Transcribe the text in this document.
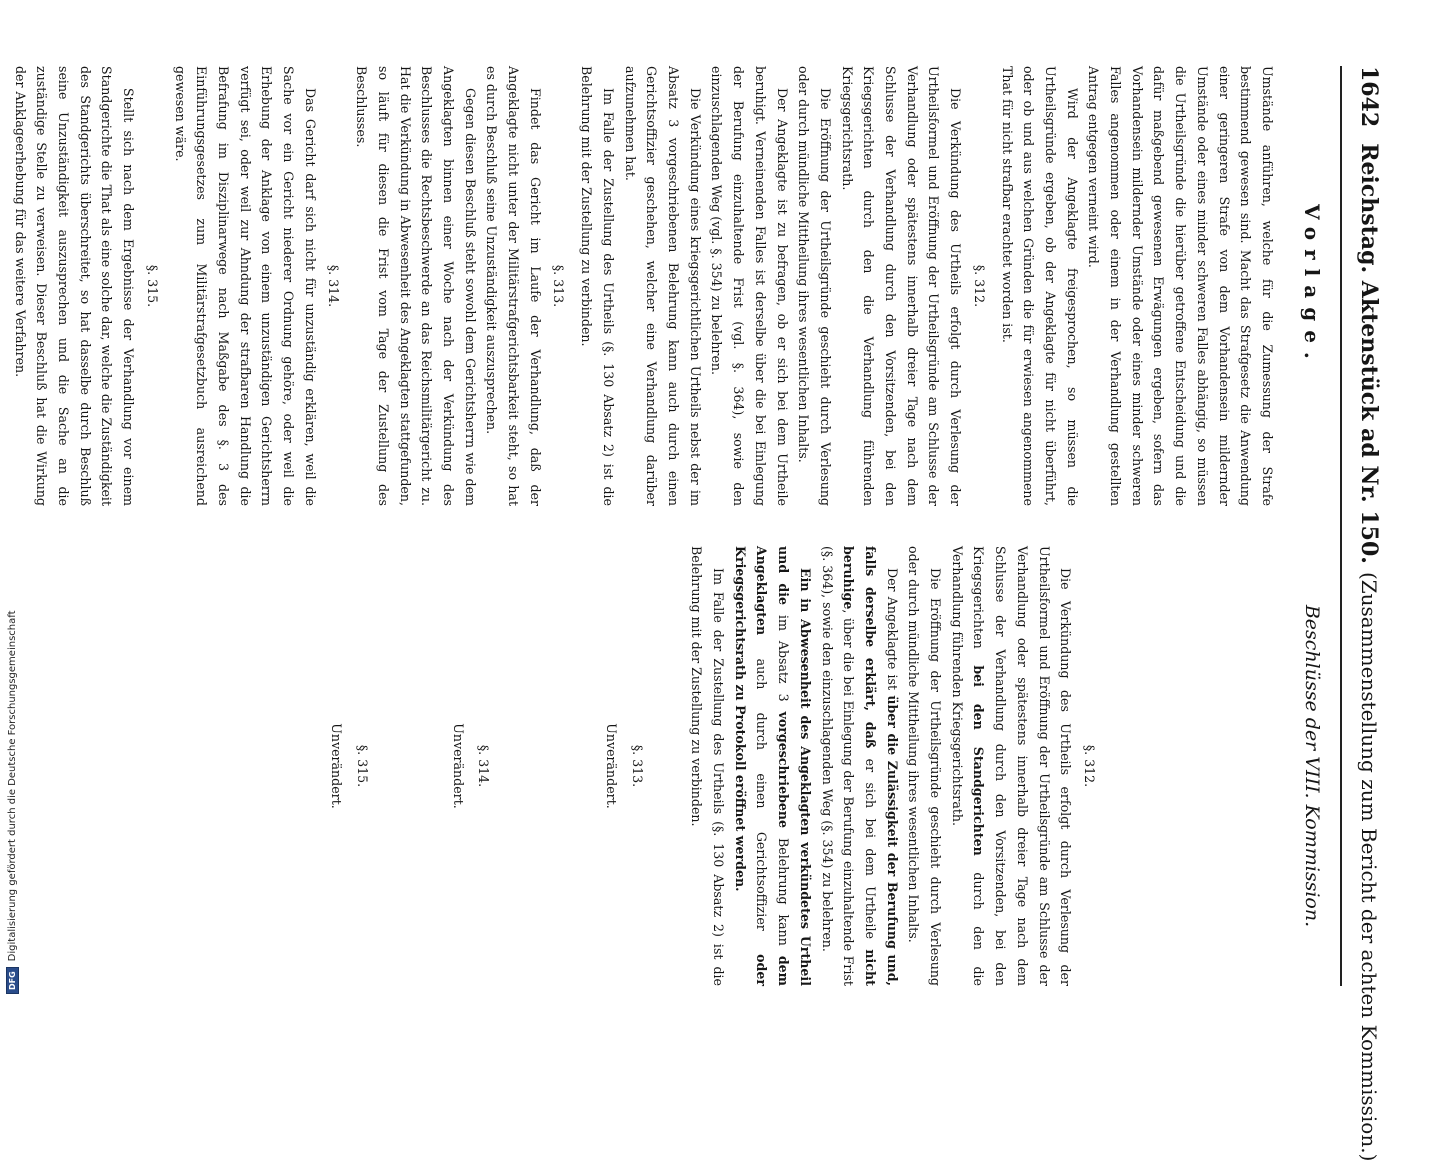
1642
Reichstag. Aktenstück ad Nr. 150.
(Zusammenstellung zum Bericht der achten Kommission.)
Vorlage.

Umstände anführen, welche für die Zumessung der Strafe bestimmend gewesen sind. Macht das Strafgesetz die Anwendung einer geringeren Strafe von dem Vorhandensein mildernder Umstände oder eines minder schweren Falles abhängig, so müssen die Urtheilsgründe die hierüber getroffene Entscheidung und die dafür maßgebend gewesenen Erwägungen ergeben, sofern das Vorhandensein mildernder Umstände oder eines minder schweren Falles angenommen oder einem in der Verhandlung gestellten Antrag entgegen verneint wird.

Wird der Angeklagte freigesprochen, so müssen die Urtheilsgründe ergeben, ob der Angeklagte für nicht überführt, oder ob und aus welchen Gründen die für erwiesen angenommene That für nicht strafbar erachtet worden ist.

§. 312.

Die Verkündung des Urtheils erfolgt durch Verlesung der Urtheilsformel und Eröffnung der Urtheilsgründe am Schlusse der Verhandlung oder spätestens innerhalb dreier Tage nach dem Schlusse der Verhandlung durch den Vorsitzenden, bei den Kriegsgerichten durch den die Verhandlung führenden Kriegsgerichtsrath.

Die Eröffnung der Urtheilsgründe geschieht durch Verlesung oder durch mündliche Mittheilung ihres wesentlichen Inhalts.

Der Angeklagte ist zu befragen, ob er sich bei dem Urtheile beruhigt. Verneinenden Falles ist derselbe über die bei Einlegung der Berufung einzuhaltende Frist (vgl. §. 364), sowie den einzuschlagenden Weg (vgl. §. 354) zu belehren.

Die Verkündung eines kriegsgerichtlichen Urtheils nebst der im Absatz 3 vorgeschriebenen Belehrung kann auch durch einen Gerichtsoffizier geschehen, welcher eine Verhandlung darüber aufzunehmen hat.

Im Falle der Zustellung des Urtheils (§. 130 Absatz 2) ist die Belehrung mit der Zustellung zu verbinden.

§. 313.

Findet das Gericht im Laufe der Verhandlung, daß der Angeklagte nicht unter der Militärstrafgerichtsbarkeit steht, so hat es durch Beschluß seine Unzuständigkeit auszusprechen.

Gegen diesen Beschluß steht sowohl dem Gerichtsherrn wie dem Angeklagten binnen einer Woche nach der Verkündung des Beschlusses die Rechtsbeschwerde an das Reichsmilitärgericht zu. Hat die Verkündung in Abwesenheit des Angeklagten stattgefunden, so läuft für diesen die Frist vom Tage der Zustellung des Beschlusses.

§. 314.

Das Gericht darf sich nicht für unzuständig erklären, weil die Sache vor ein Gericht niederer Ordnung gehöre, oder weil die Erhebung der Anklage von einem unzuständigen Gerichtsherrn verfügt sei, oder weil zur Ahndung der strafbaren Handlung die Befrafung im Disziplinarwege nach Maßgabe des §. 3 des Einführungsgesetzes zum Militärstrafgesetzbuch ausreichend gewesen wäre.

§. 315.

Stellt sich nach dem Ergebnisse der Verhandlung vor einem Standgerichte die That als eine solche dar, welche die Zuständigkeit des Standgerichts überschreitet, so hat dasselbe durch Beschluß seine Unzuständigkeit auszusprechen und die Sache an die zuständige Stelle zu verweisen. Dieser Beschluß hat die Wirkung der Anklageerhebung für das weitere Verfahren.

Beschlüsse der VIII. Kommission.
§. 312.

Die Verkündung des Urtheils erfolgt durch Verlesung der Urtheilsformel und Eröffnung der Urtheilsgründe am Schlusse der Verhandlung oder spätestens innerhalb dreier Tage nach dem Schlusse der Verhandlung durch den Vorsitzenden, bei den Kriegsgerichten bei den Standgerichten durch den die Verhandlung führenden Kriegsgerichtsrath.

Die Eröffnung der Urtheilsgründe geschieht durch Verlesung oder durch mündliche Mittheilung ihres wesentlichen Inhalts.

Der Angeklagte ist über die Zulässigkeit der Berufung und, falls derselbe erklärt, daß er sich bei dem Urtheile nicht beruhige, über die bei Einlegung der Berufung einzuhaltende Frist (§. 364), sowie den einzuschlagenden Weg (§. 354) zu belehren.

Ein in Abwesenheit des Angeklagten verkündetes Urtheil und die im Absatz 3 vorgeschriebene Belehrung kann dem Angeklagten auch durch einen Gerichtsoffizier oder Kriegsgerichtsrath zu Protokoll eröffnet werden.

Im Falle der Zustellung des Urtheils (§. 130 Absatz 2) ist die Belehrung mit der Zustellung zu verbinden.

§. 313.
Unverändert.
§. 314.
Unverändert.
§. 315.
Unverändert.
DFG
Digitalisierung gefördert durch die Deutsche Forschungsgemeinschaft
